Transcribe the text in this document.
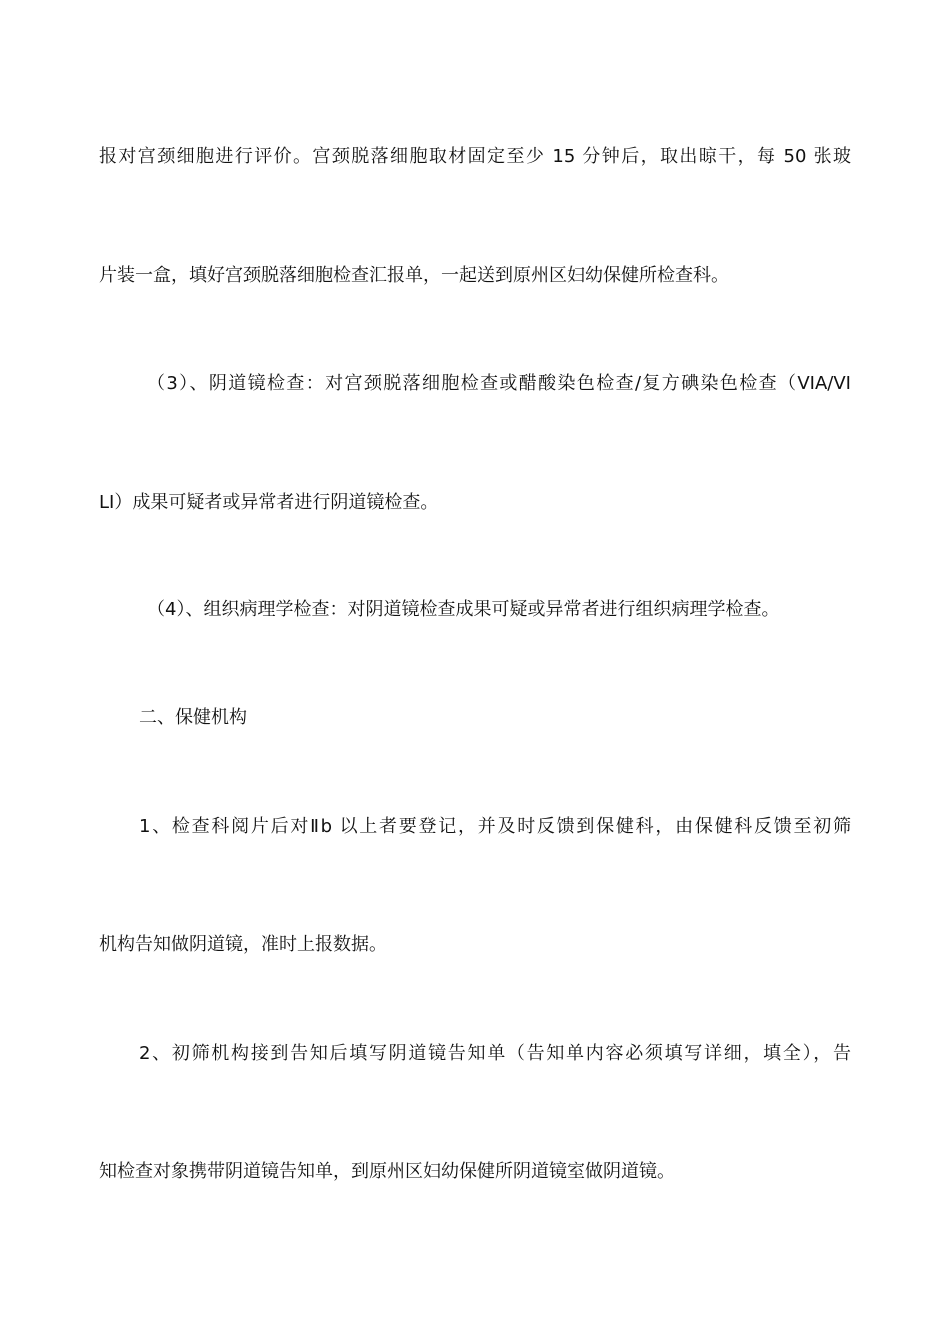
报对宫颈细胞进行评价。宫颈脱落细胞取材固定至少 15 分钟后，取出晾干，每 50 张玻
片装一盒，填好宫颈脱落细胞检查汇报单，一起送到原州区妇幼保健所检查科。
（3）、阴道镜检查：对宫颈脱落细胞检查或醋酸染色检查/复方碘染色检查（VIA/VI
LI）成果可疑者或异常者进行阴道镜检查。
（4）、组织病理学检查：对阴道镜检查成果可疑或异常者进行组织病理学检查。
二、保健机构
1、检查科阅片后对Ⅱb 以上者要登记，并及时反馈到保健科，由保健科反馈至初筛
机构告知做阴道镜，准时上报数据。
2、初筛机构接到告知后填写阴道镜告知单（告知单内容必须填写详细，填全），告
知检查对象携带阴道镜告知单，到原州区妇幼保健所阴道镜室做阴道镜。
